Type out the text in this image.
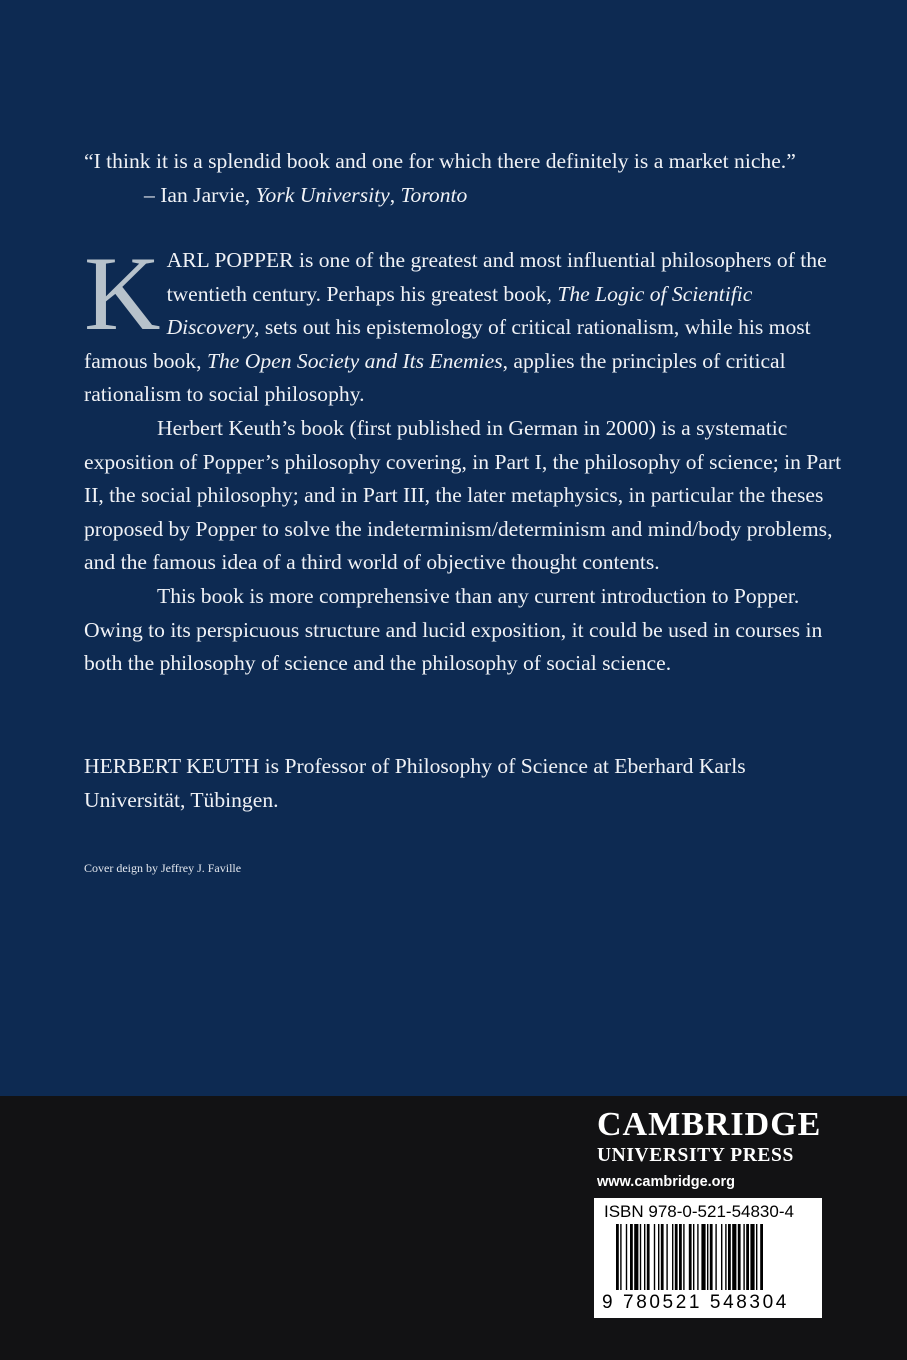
“I think it is a splendid book and one for which there definitely is a market niche.”

– Ian Jarvie, York University, Toronto

KARL POPPER is one of the greatest and most influential philosophers of the twentieth century. Perhaps his greatest book, The Logic of Scientific Discovery, sets out his epistemology of critical rationalism, while his most famous book, The Open Society and Its Enemies, applies the principles of critical rationalism to social philosophy.

Herbert Keuth’s book (first published in German in 2000) is a systematic exposition of Popper’s philosophy covering, in Part I, the philosophy of science; in Part II, the social philosophy; and in Part III, the later metaphysics, in particular the theses proposed by Popper to solve the indeterminism/determinism and mind/body problems, and the famous idea of a third world of objective thought contents.

This book is more comprehensive than any current introduction to Popper. Owing to its perspicuous structure and lucid exposition, it could be used in courses in both the philosophy of science and the philosophy of social science.

HERBERT KEUTH is Professor of Philosophy of Science at Eberhard Karls Universität, Tübingen.
Cover deign by Jeffrey J. Faville
CAMBRIDGE
UNIVERSITY PRESS
www.cambridge.org
ISBN 978-0-521-54830-4
9 780521 548304
